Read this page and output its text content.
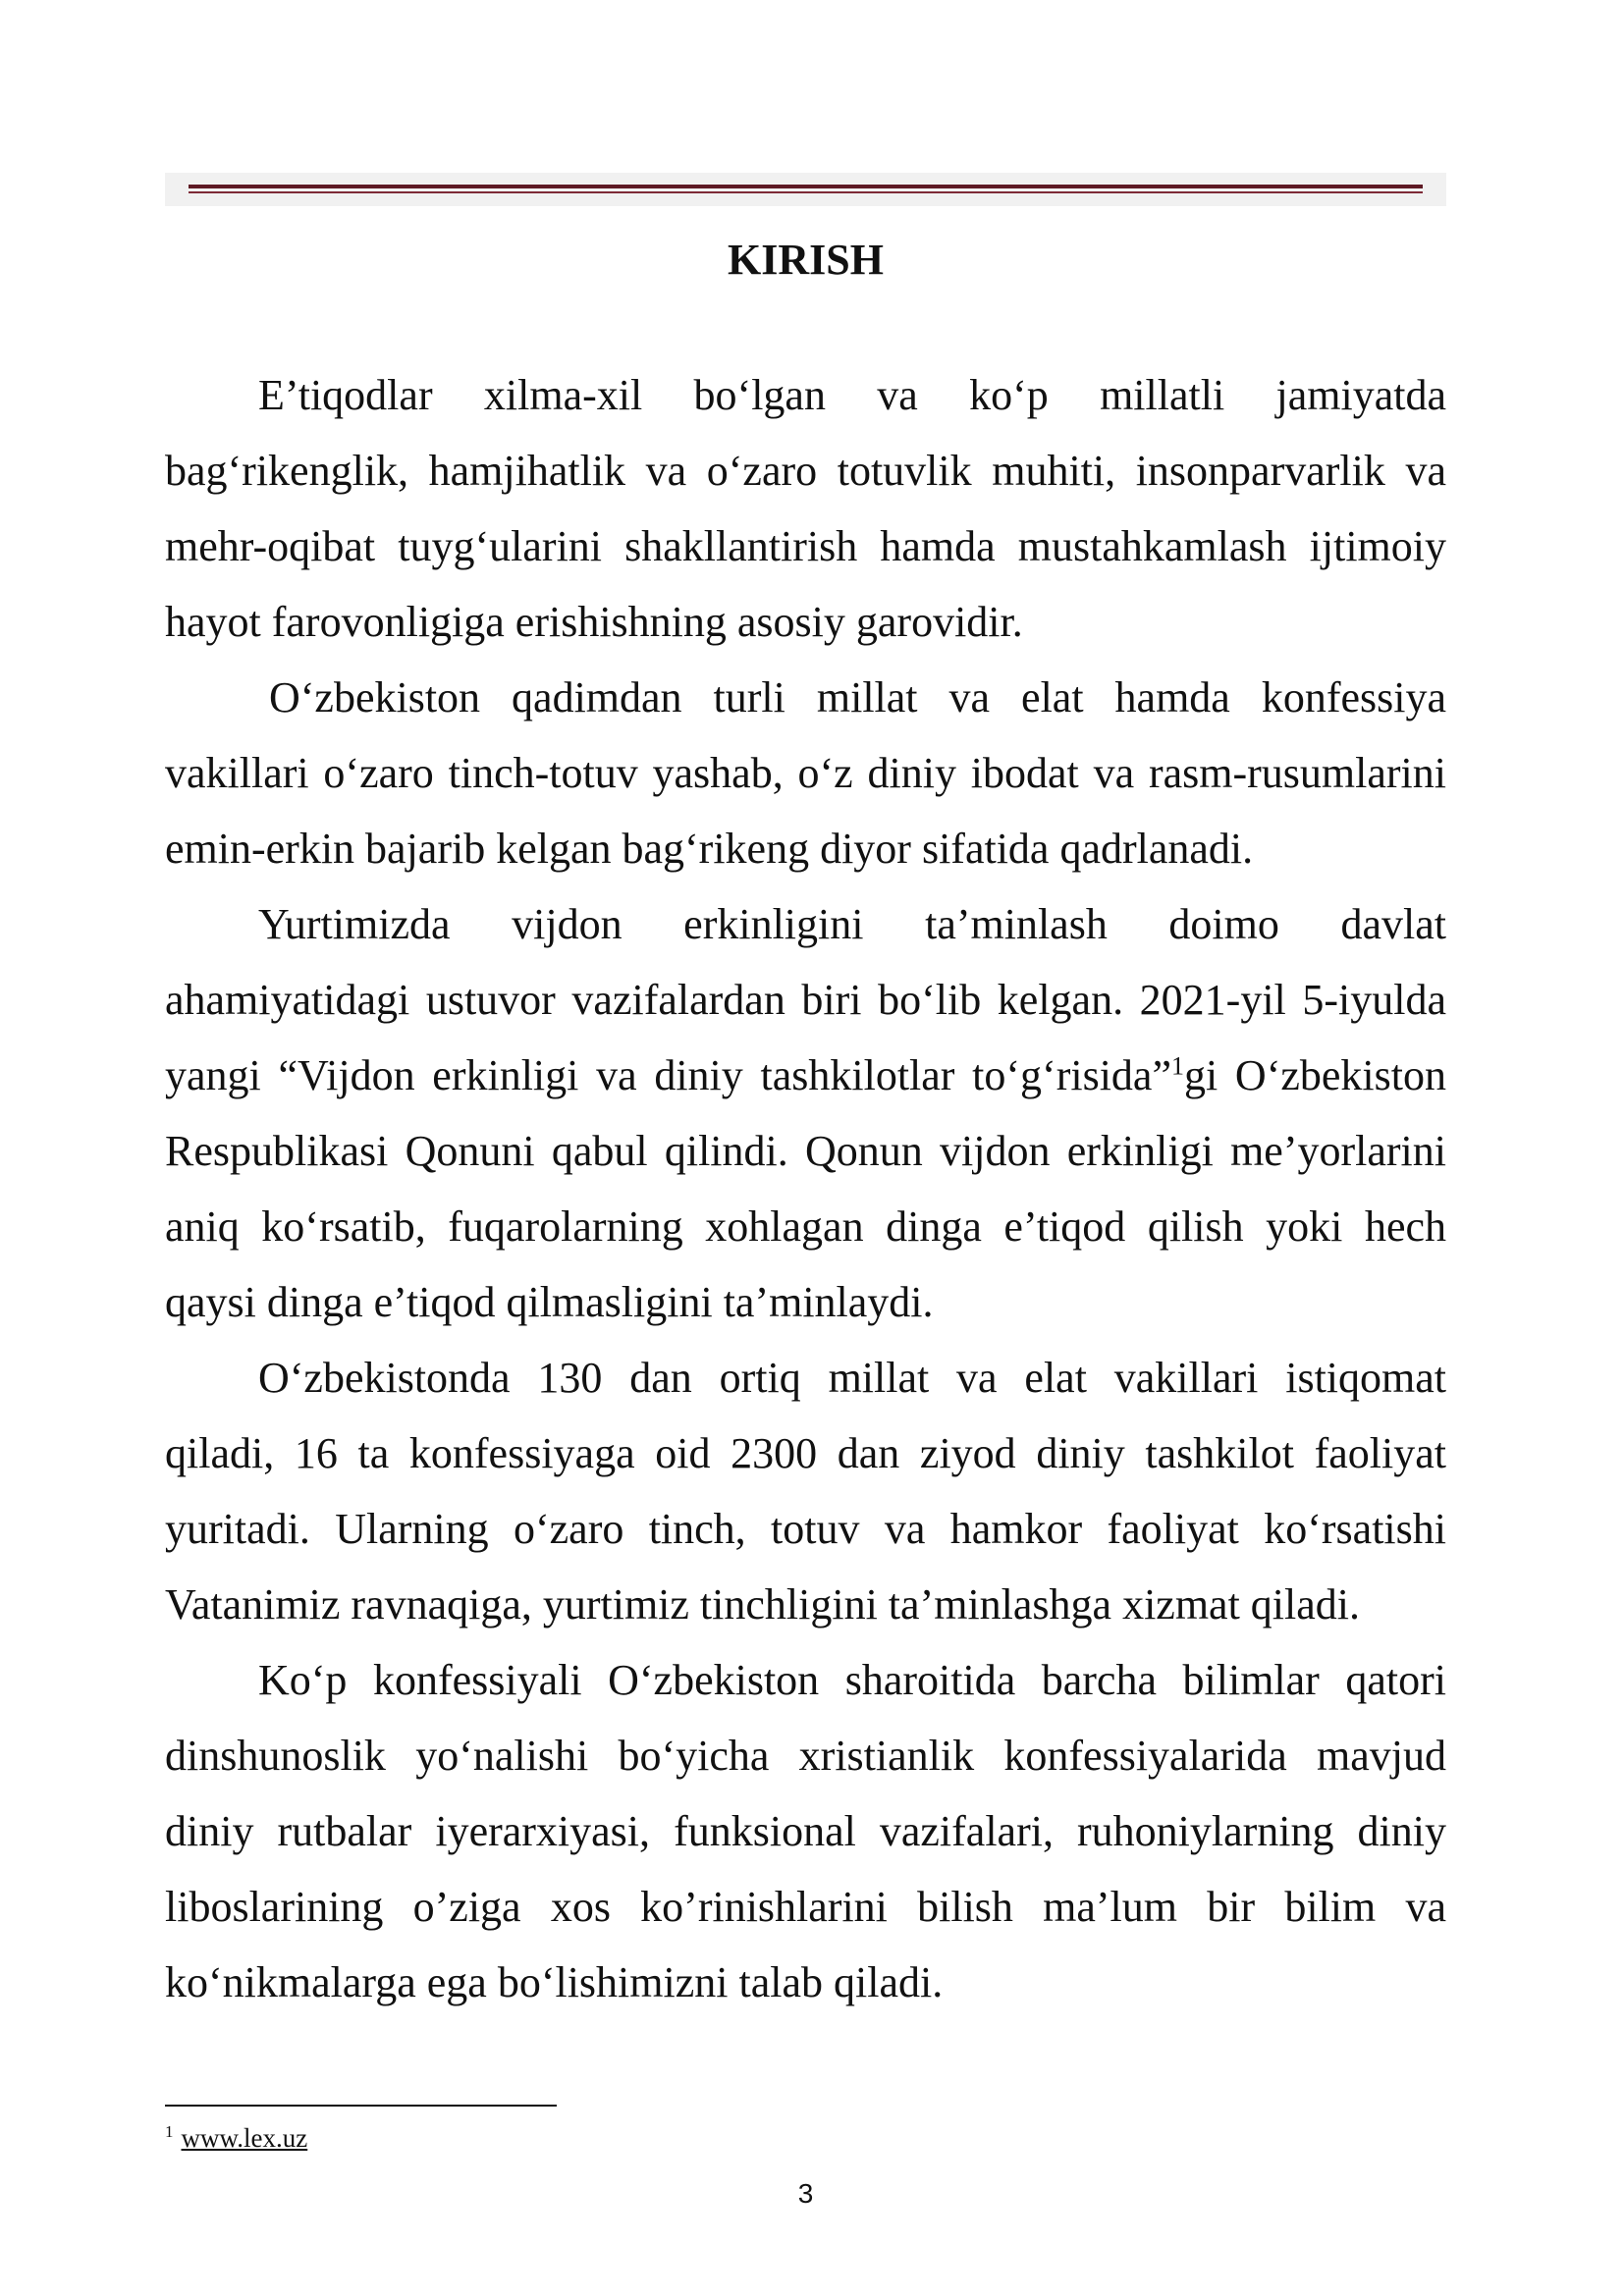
KIRISH
E’tiqodlar xilma-xil bo‘lgan va ko‘p millatli jamiyatda
bag‘rikenglik, hamjihatlik va o‘zaro totuvlik muhiti, insonparvarlik va
mehr-oqibat tuyg‘ularini shakllantirish hamda mustahkamlash ijtimoiy
hayot farovonligiga erishishning asosiy garovidir.
O‘zbekiston qadimdan turli millat va elat hamda konfessiya
vakillari o‘zaro tinch-totuv yashab, o‘z diniy ibodat va rasm-rusumlarini
emin-erkin bajarib kelgan bag‘rikeng diyor sifatida qadrlanadi.
Yurtimizda vijdon erkinligini ta’minlash doimo davlat
ahamiyatidagi ustuvor vazifalardan biri bo‘lib kelgan. 2021-yil 5-iyulda
yangi “Vijdon erkinligi va diniy tashkilotlar to‘g‘risida”$^1$gi O‘zbekiston
Respublikasi Qonuni qabul qilindi. Qonun vijdon erkinligi me’yorlarini
aniq ko‘rsatib, fuqarolarning xohlagan dinga e’tiqod qilish yoki hech
qaysi dinga e’tiqod qilmasligini ta’minlaydi.
O‘zbekistonda 130 dan ortiq millat va elat vakillari istiqomat
qiladi, 16 ta konfessiyaga oid 2300 dan ziyod diniy tashkilot faoliyat
yuritadi. Ularning o‘zaro tinch, totuv va hamkor faoliyat ko‘rsatishi
Vatanimiz ravnaqiga, yurtimiz tinchligini ta’minlashga xizmat qiladi.
Ko‘p konfessiyali O‘zbekiston sharoitida barcha bilimlar qatori
dinshunoslik yo‘nalishi bo‘yicha xristianlik konfessiyalarida mavjud
diniy rutbalar iyerarxiyasi, funksional vazifalari, ruhoniylarning diniy
liboslarining o’ziga xos ko’rinishlarini bilish ma’lum bir bilim va
ko‘nikmalarga ega bo‘lishimizni talab qiladi.
$^1$ www.lex.uz
3
